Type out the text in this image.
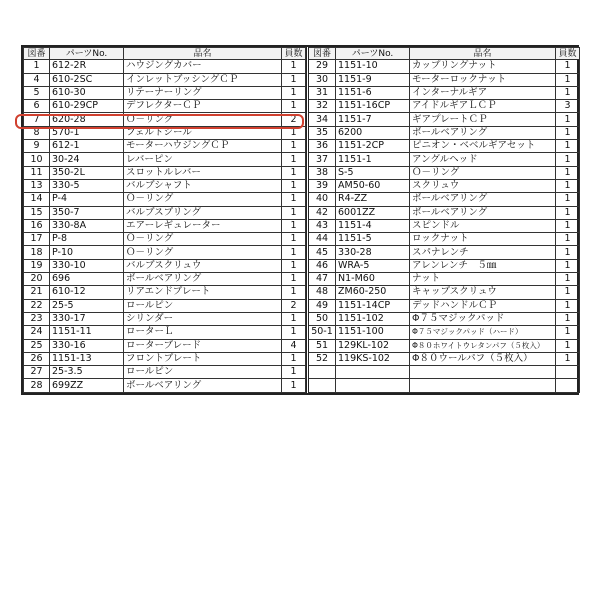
図番	パーツNo.	品名	員数
1	612-2R	ハウジングカバー	1
4	610-2SC	インレットブッシングＣＰ	1
5	610-30	リテーナーリング	1
6	610-29CP	デフレクターＣＰ	1
7	620-28	Ｏ－リング	2
8	570-1	フェルトシール	1
9	612-1	モーターハウジングＣＰ	1
10	30-24	レバーピン	1
11	350-2L	スロットルレバー	1
13	330-5	バルブシャフト	1
14	P-4	Ｏ－リング	1
15	350-7	バルブスプリング	1
16	330-8A	エアーレギュレーター	1
17	P-8	Ｏ－リング	1
18	P-10	Ｏ－リング	1
19	330-10	バルブスクリュウ	1
20	696	ボールベアリング	1
21	610-12	リアエンドプレート	1
22	25-5	ロールピン	2
23	330-17	シリンダー	1
24	1151-11	ローターＬ	1
25	330-16	ローターブレード	4
26	1151-13	フロントプレート	1
27	25-3.5	ロールピン	1
28	699ZZ	ボールベアリング	1
図番	パーツNo.	品名	員数
29	1151-10	カップリングナット	1
30	1151-9	モーターロックナット	1
31	1151-6	インターナルギア	1
32	1151-16CP	アイドルギアＬＣＰ	3
34	1151-7	ギアプレートＣＰ	1
35	6200	ボールベアリング	1
36	1151-2CP	ピニオン・ベベルギアセット	1
37	1151-1	アングルヘッド	1
38	S-5	Ｏ－リング	1
39	AM50-60	スクリュウ	1
40	R4-ZZ	ボールベアリング	1
42	6001ZZ	ボールベアリング	1
43	1151-4	スピンドル	1
44	1151-5	ロックナット	1
45	330-28	スパナレンチ	1
46	WRA-5	アレンレンチ　５㎜	1
47	N1-M60	ナット	1
48	ZM60-250	キャップスクリュウ	1
49	1151-14CP	デッドハンドルＣＰ	1
50	1151-102	Φ７５マジックパッド	1
50-1	1151-100	Φ７５マジックパッド（ハード）	1
51	129KL-102	Φ８０ホワイトウレタンパフ（５枚入）	1
52	119KS-102	Φ８０ウールパフ（５枚入）	1
